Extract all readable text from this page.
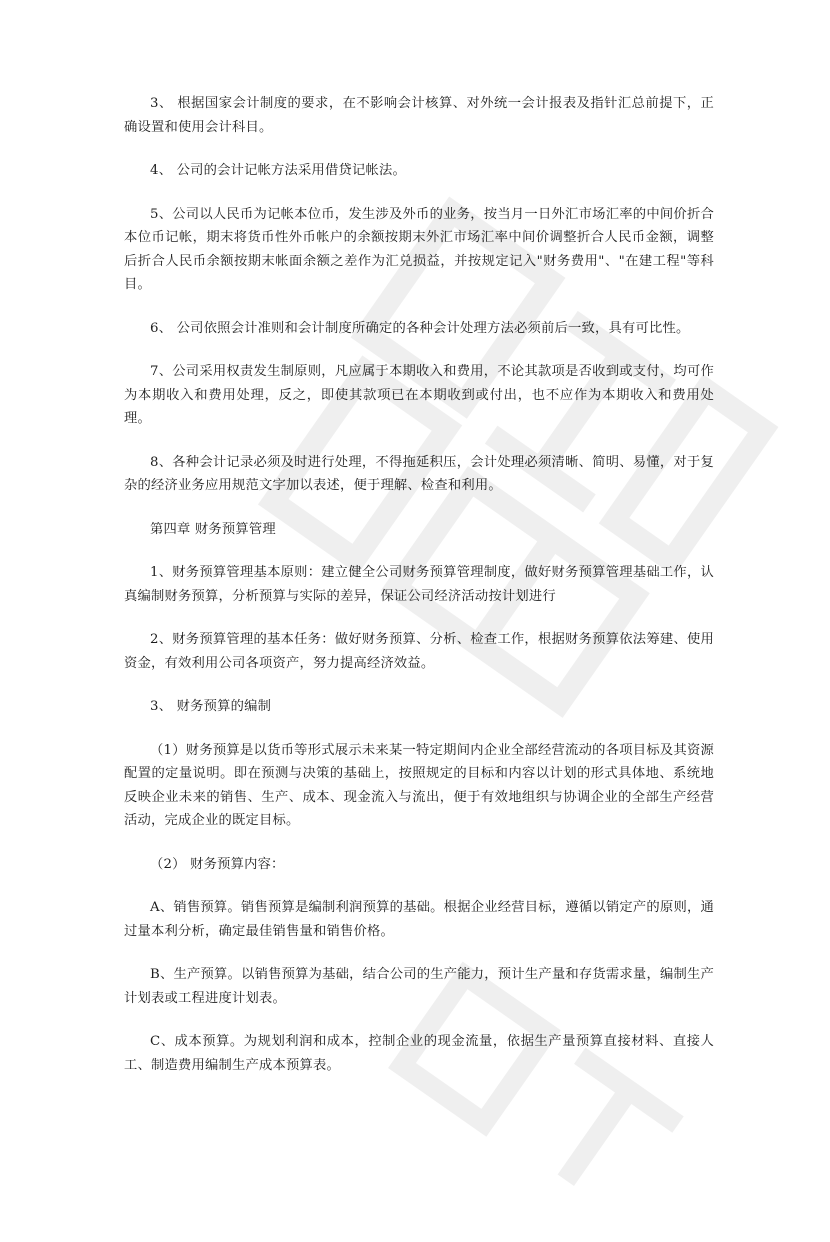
3、 根据国家会计制度的要求，在不影响会计核算、对外统一会计报表及指针汇总前提下，正确设置和使用会计科目。

4、 公司的会计记帐方法采用借贷记帐法。

5、公司以人民币为记帐本位币，发生涉及外币的业务，按当月一日外汇市场汇率的中间价折合本位币记帐，期末将货币性外币帐户的余额按期末外汇市场汇率中间价调整折合人民币金额，调整后折合人民币余额按期末帐面余额之差作为汇兑损益，并按规定记入"财务费用"、"在建工程"等科目。

6、 公司依照会计准则和会计制度所确定的各种会计处理方法必须前后一致，具有可比性。

7、公司采用权责发生制原则，凡应属于本期收入和费用，不论其款项是否收到或支付，均可作为本期收入和费用处理，反之，即使其款项已在本期收到或付出，也不应作为本期收入和费用处理。

8、各种会计记录必须及时进行处理，不得拖延积压，会计处理必须清晰、简明、易懂，对于复杂的经济业务应用规范文字加以表述，便于理解、检查和利用。

第四章 财务预算管理

1、财务预算管理基本原则：建立健全公司财务预算管理制度，做好财务预算管理基础工作，认真编制财务预算，分析预算与实际的差异，保证公司经济活动按计划进行

2、财务预算管理的基本任务：做好财务预算、分析、检查工作，根据财务预算依法筹建、使用资金，有效利用公司各项资产，努力提高经济效益。

3、 财务预算的编制

（1）财务预算是以货币等形式展示未来某一特定期间内企业全部经营流动的各项目标及其资源配置的定量说明。即在预测与决策的基础上，按照规定的目标和内容以计划的形式具体地、系统地反映企业未来的销售、生产、成本、现金流入与流出，便于有效地组织与协调企业的全部生产经营活动，完成企业的既定目标。

（2） 财务预算内容：

A、销售预算。销售预算是编制利润预算的基础。根据企业经营目标，遵循以销定产的原则，通过量本利分析，确定最佳销售量和销售价格。

B、生产预算。以销售预算为基础，结合公司的生产能力，预计生产量和存货需求量，编制生产计划表或工程进度计划表。

C、成本预算。为规划利润和成本，控制企业的现金流量，依据生产量预算直接材料、直接人工、制造费用编制生产成本预算表。
